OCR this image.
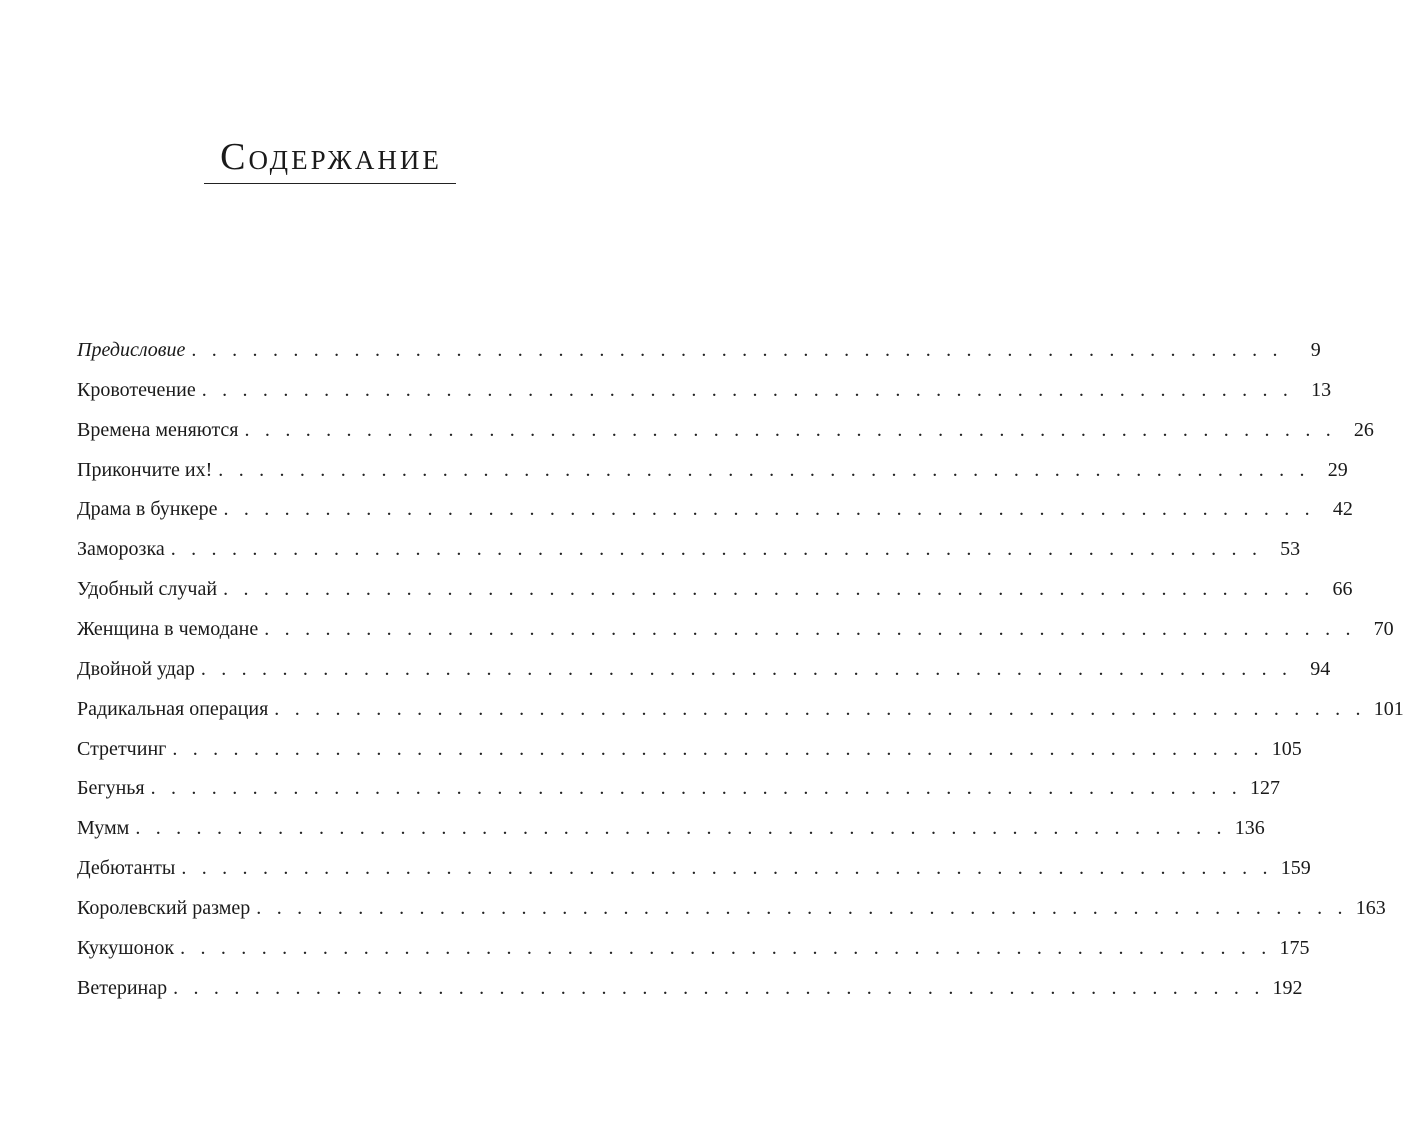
Содержание
Предисловие . . . . . . . . . . . . . . . . . . . . . . . . . . . . . . . . . . . . . . . . . . . . . . . . . . . . . .	9
Кровотечение . . . . . . . . . . . . . . . . . . . . . . . . . . . . . . . . . . . . . . . . . . . . . . . . . . . . . . 13
Времена меняются . . . . . . . . . . . . . . . . . . . . . . . . . . . . . . . . . . . . . . . . . . . . . . . . . . . . . . 26
Прикончите их! . . . . . . . . . . . . . . . . . . . . . . . . . . . . . . . . . . . . . . . . . . . . . . . . . . . . . . 29
Драма в бункере . . . . . . . . . . . . . . . . . . . . . . . . . . . . . . . . . . . . . . . . . . . . . . . . . . . . . . 42
Заморозка . . . . . . . . . . . . . . . . . . . . . . . . . . . . . . . . . . . . . . . . . . . . . . . . . . . . . . 53
Удобный случай . . . . . . . . . . . . . . . . . . . . . . . . . . . . . . . . . . . . . . . . . . . . . . . . . . . . . . 66
Женщина в чемодане . . . . . . . . . . . . . . . . . . . . . . . . . . . . . . . . . . . . . . . . . . . . . . . . . . . . . . 70
Двойной удар . . . . . . . . . . . . . . . . . . . . . . . . . . . . . . . . . . . . . . . . . . . . . . . . . . . . . . 94
Радикальная операция . . . . . . . . . . . . . . . . . . . . . . . . . . . . . . . . . . . . . . . . . . . . . . . . . . . . . . 101
Стретчинг . . . . . . . . . . . . . . . . . . . . . . . . . . . . . . . . . . . . . . . . . . . . . . . . . . . . . . 105
Бегунья . . . . . . . . . . . . . . . . . . . . . . . . . . . . . . . . . . . . . . . . . . . . . . . . . . . . . . 127
Мумм . . . . . . . . . . . . . . . . . . . . . . . . . . . . . . . . . . . . . . . . . . . . . . . . . . . . . . 136
Дебютанты . . . . . . . . . . . . . . . . . . . . . . . . . . . . . . . . . . . . . . . . . . . . . . . . . . . . . . 159
Королевский размер . . . . . . . . . . . . . . . . . . . . . . . . . . . . . . . . . . . . . . . . . . . . . . . . . . . . . . 163
Кукушонок . . . . . . . . . . . . . . . . . . . . . . . . . . . . . . . . . . . . . . . . . . . . . . . . . . . . . . 175
Ветеринар . . . . . . . . . . . . . . . . . . . . . . . . . . . . . . . . . . . . . . . . . . . . . . . . . . . . . . 192
